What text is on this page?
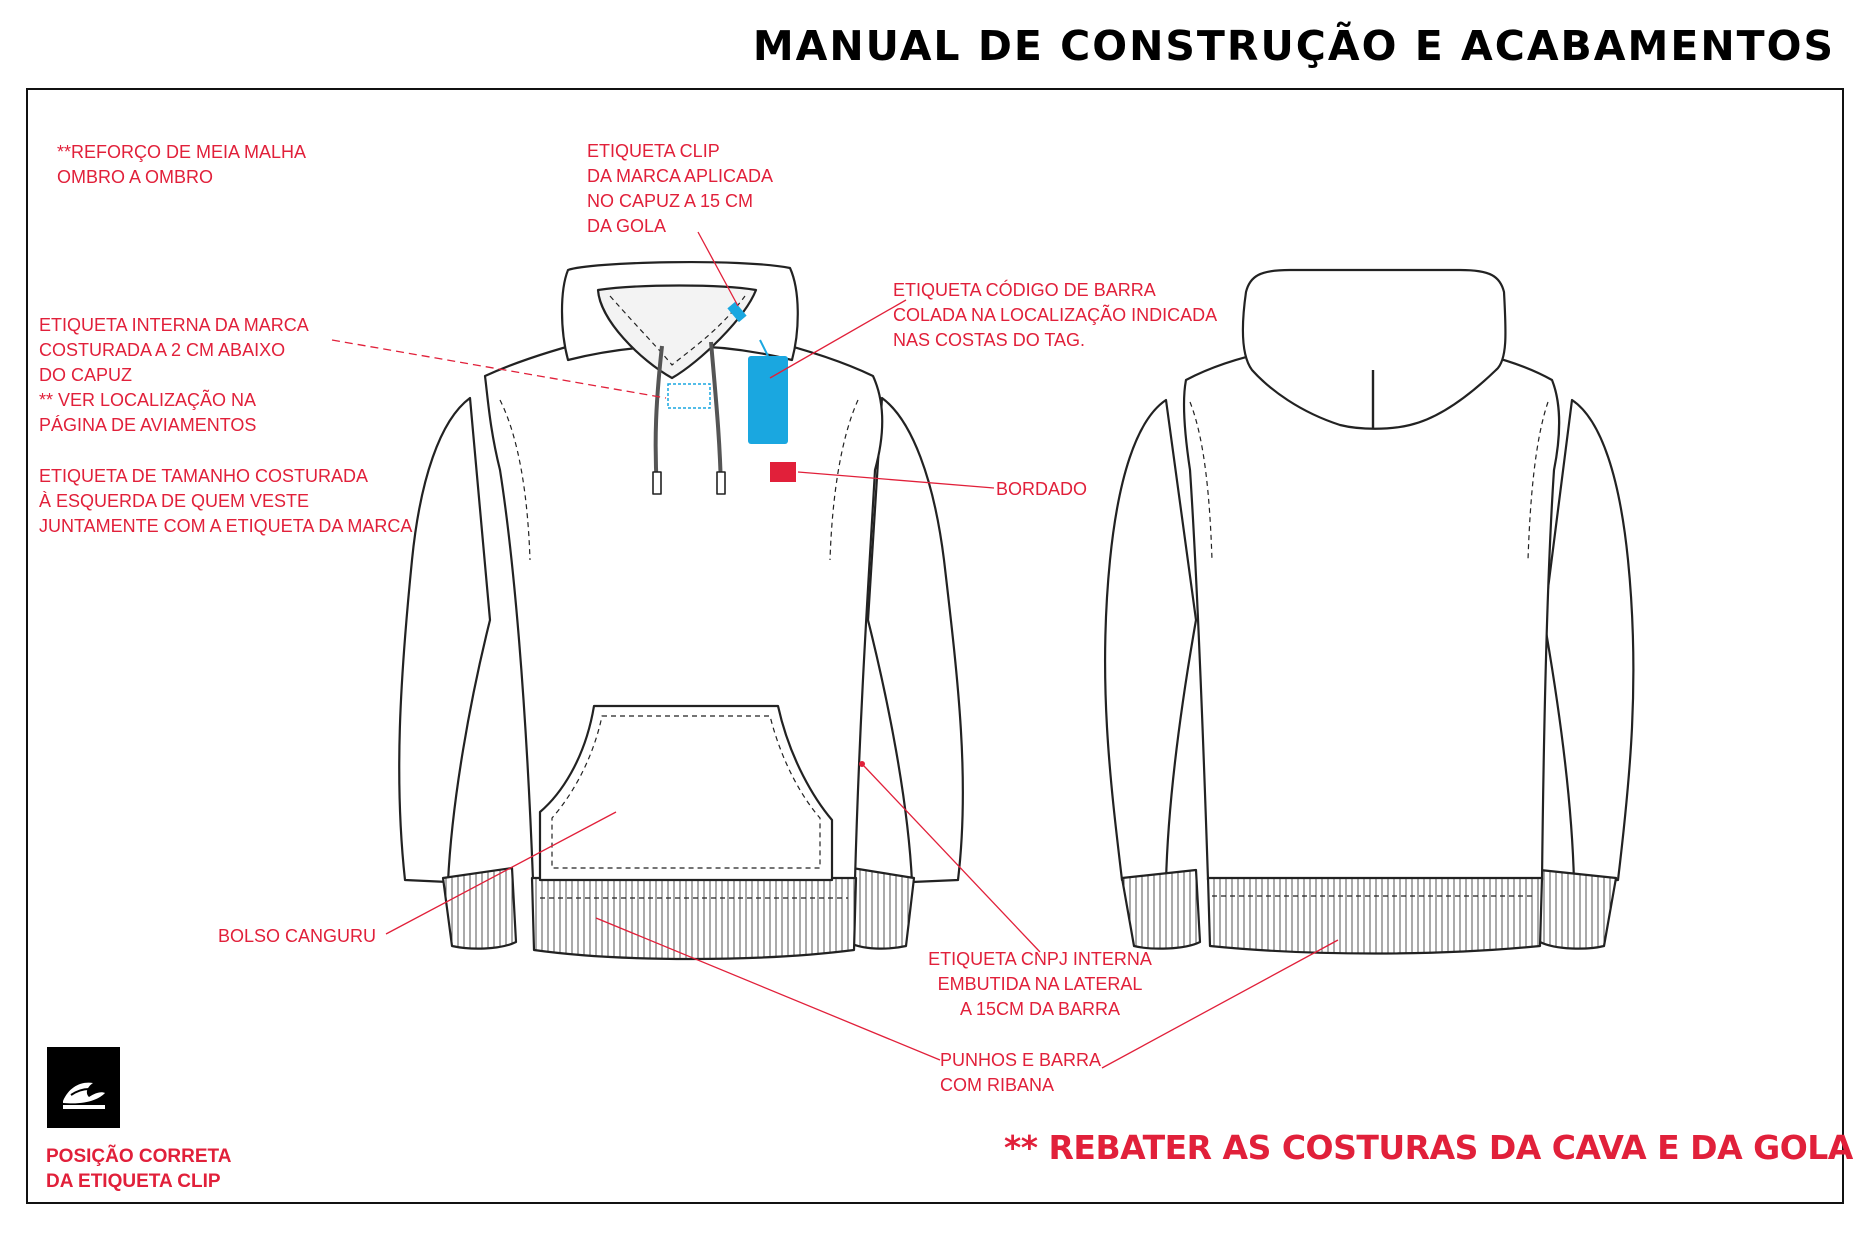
MANUAL DE CONSTRUÇÃO E ACABAMENTOS
**REFORÇO DE MEIA MALHA
OMBRO A OMBRO
ETIQUETA CLIP
DA MARCA APLICADA
NO CAPUZ A 15 CM
DA GOLA
ETIQUETA INTERNA DA MARCA
COSTURADA A 2 CM ABAIXO
DO CAPUZ
** VER LOCALIZAÇÃO NA
PÁGINA DE AVIAMENTOS
ETIQUETA DE TAMANHO COSTURADA
À ESQUERDA DE QUEM VESTE
JUNTAMENTE COM A ETIQUETA DA MARCA
ETIQUETA CÓDIGO DE BARRA
COLADA NA LOCALIZAÇÃO INDICADA
NAS COSTAS DO TAG.
BORDADO
BOLSO CANGURU
ETIQUETA CNPJ INTERNA
EMBUTIDA NA LATERAL
A 15CM DA BARRA
PUNHOS E BARRA
COM RIBANA
** REBATER AS COSTURAS DA CAVA E DA GOLA
POSIÇÃO CORRETA
DA ETIQUETA CLIP
